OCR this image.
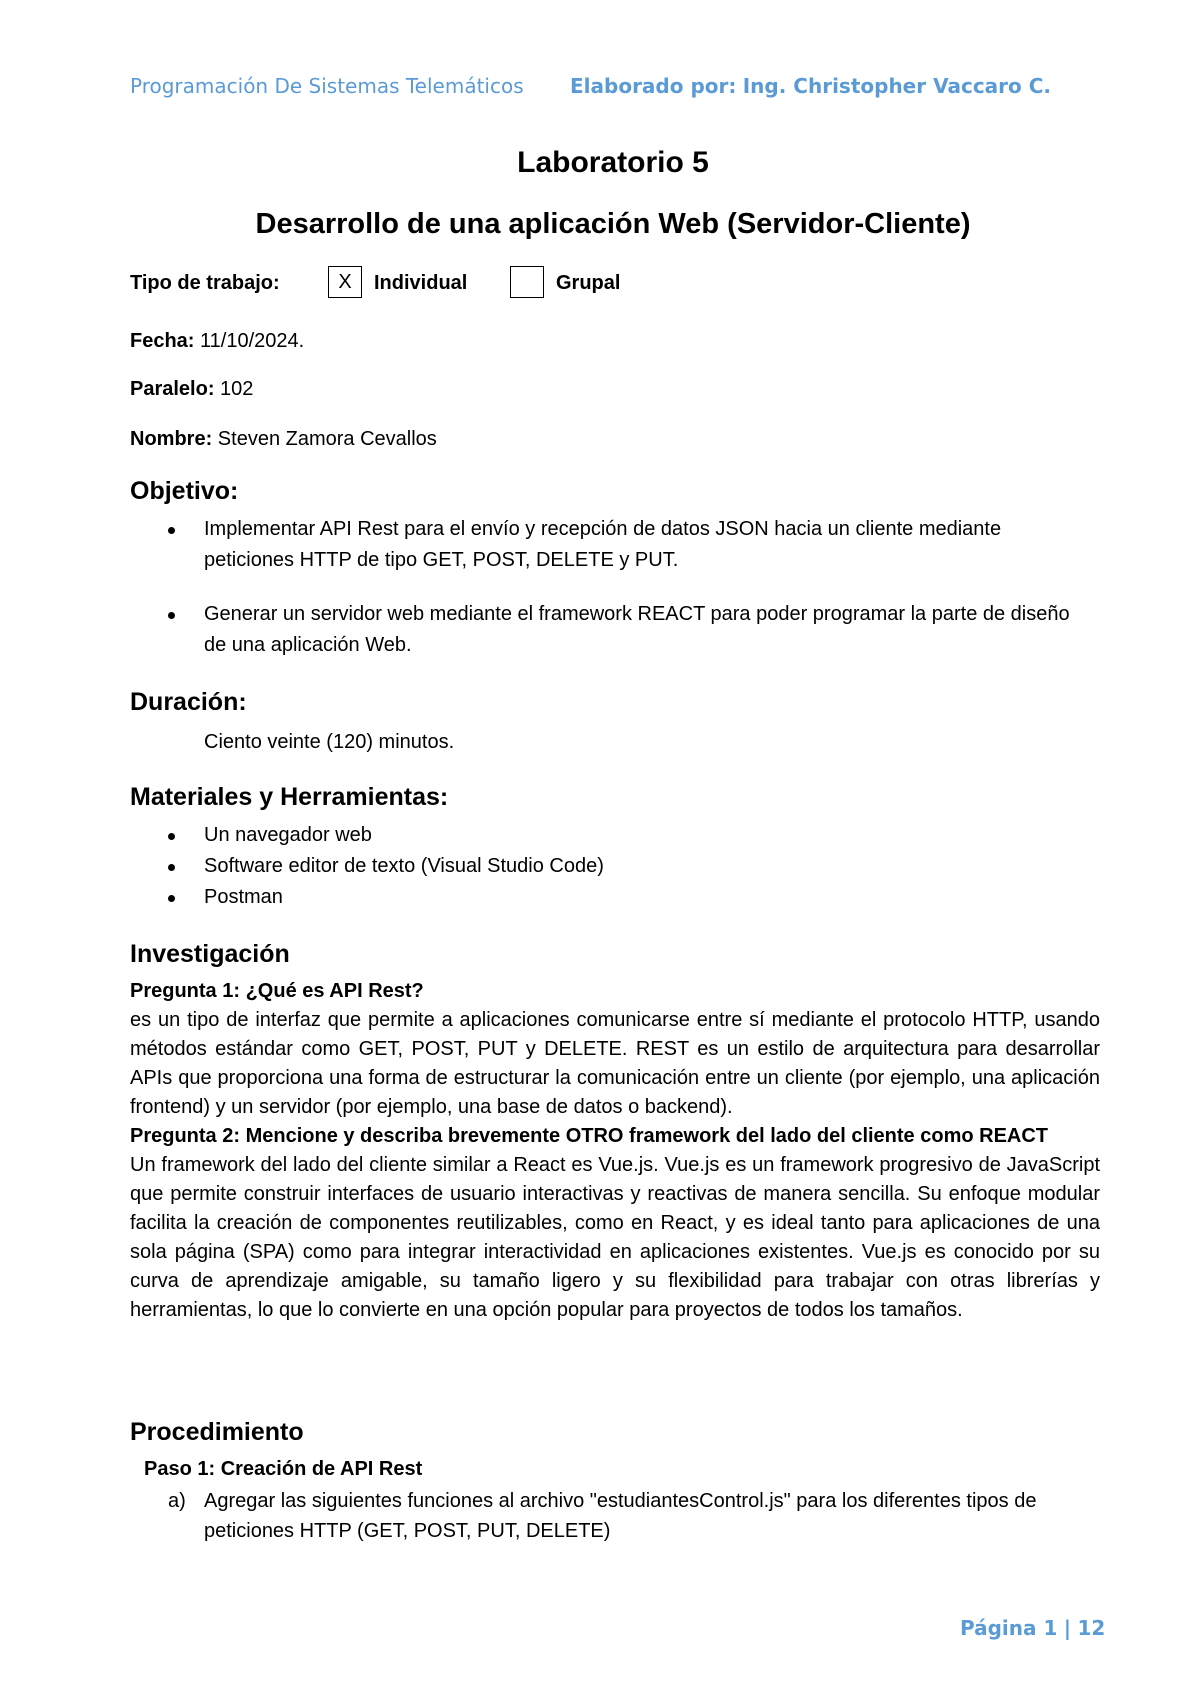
Programación De Sistemas Telemáticos Elaborado por: Ing. Christopher Vaccaro C.
Laboratorio 5
Desarrollo de una aplicación Web (Servidor-Cliente)
Tipo de trabajo:	X	Individual	Grupal
Fecha: 11/10/2024.
Paralelo: 102
Nombre: Steven Zamora Cevallos
Objetivo:
Implementar API Rest para el envío y recepción de datos JSON hacia un cliente mediante peticiones HTTP de tipo GET, POST, DELETE y PUT.
Generar un servidor web mediante el framework REACT para poder programar la parte de diseño de una aplicación Web.
Duración:
Ciento veinte (120) minutos.
Materiales y Herramientas:
Un navegador web
Software editor de texto (Visual Studio Code)
Postman
Investigación
Pregunta 1: ¿Qué es API Rest?
es un tipo de interfaz que permite a aplicaciones comunicarse entre sí mediante el protocolo HTTP, usando métodos estándar como GET, POST, PUT y DELETE. REST es un estilo de arquitectura para desarrollar APIs que proporciona una forma de estructurar la comunicación entre un cliente (por ejemplo, una aplicación frontend) y un servidor (por ejemplo, una base de datos o backend).
Pregunta 2: Mencione y describa brevemente OTRO framework del lado del cliente como REACT
Un framework del lado del cliente similar a React es Vue.js. Vue.js es un framework progresivo de JavaScript que permite construir interfaces de usuario interactivas y reactivas de manera sencilla. Su enfoque modular facilita la creación de componentes reutilizables, como en React, y es ideal tanto para aplicaciones de una sola página (SPA) como para integrar interactividad en aplicaciones existentes. Vue.js es conocido por su curva de aprendizaje amigable, su tamaño ligero y su flexibilidad para trabajar con otras librerías y herramientas, lo que lo convierte en una opción popular para proyectos de todos los tamaños.
Procedimiento
Paso 1: Creación de API Rest
a) Agregar las siguientes funciones al archivo "estudiantesControl.js" para los diferentes tipos de peticiones HTTP (GET, POST, PUT, DELETE)
Página 1 | 12
